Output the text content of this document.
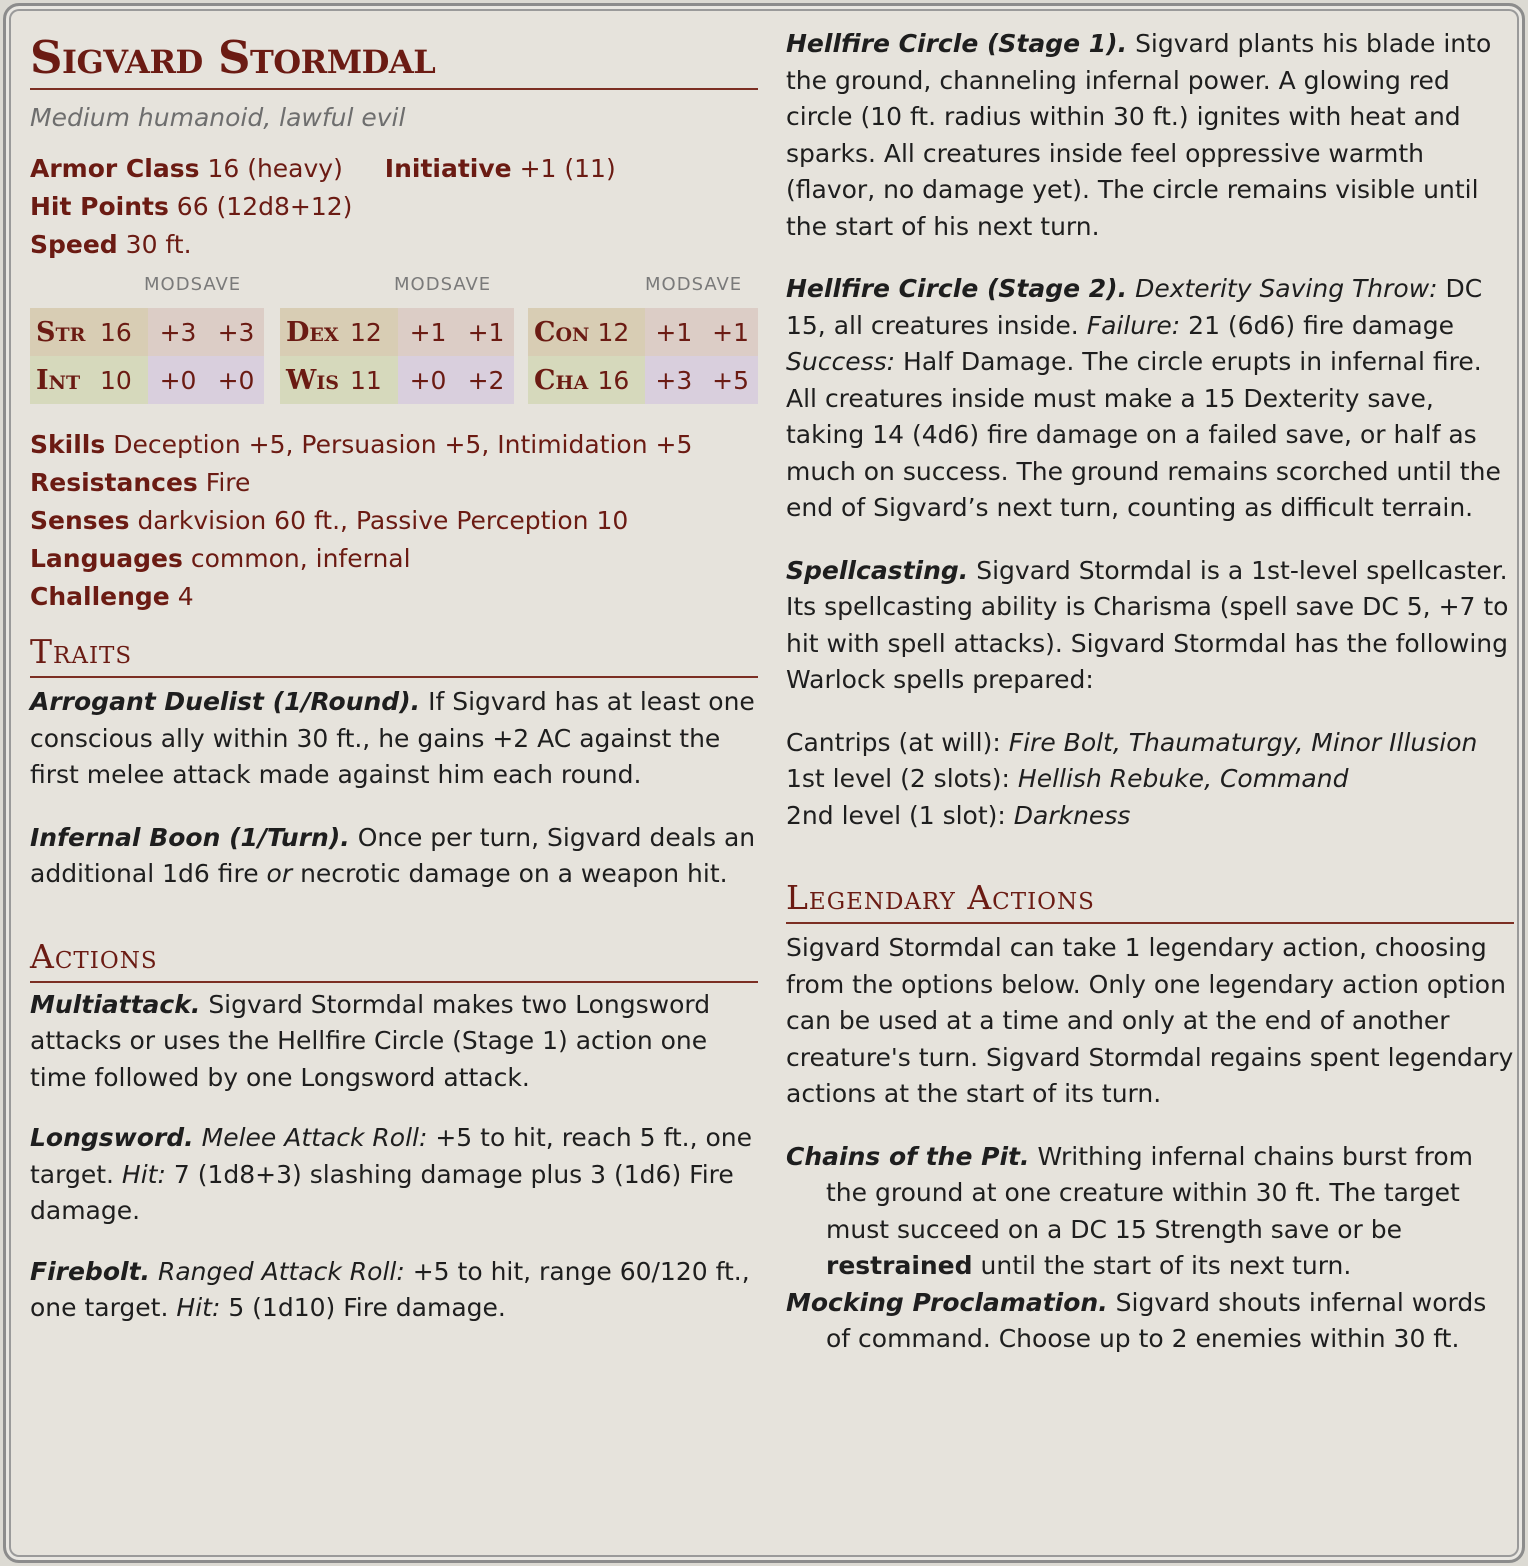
Sigvard Stormdal
Medium humanoid, lawful evil
Armor Class 16 (heavy) Initiative +1 (11)
Hit Points 66 (12d8+12)
Speed 30 ft.
MODSAVE
Str	16	+3	+3
Int	10	+0	+0
MODSAVE
Dex	12	+1	+1
Wis	11	+0	+2
MODSAVE
Con	12	+1	+1
Cha	16	+3	+5
Skills Deception +5, Persuasion +5, Intimidation +5
Resistances Fire
Senses darkvision 60 ft., Passive Perception 10
Languages common, infernal
Challenge 4
Traits

Arrogant Duelist (1/Round). If Sigvard has at least one conscious ally within 30 ft., he gains +2 AC against the first melee attack made against him each round.

Infernal Boon (1/Turn). Once per turn, Sigvard deals an additional 1d6 fire or necrotic damage on a weapon hit.

Actions

Multiattack. Sigvard Stormdal makes two Longsword attacks or uses the Hellfire Circle (Stage 1) action one time followed by one Longsword attack.

Longsword. Melee Attack Roll: +5 to hit, reach 5 ft., one target. Hit: 7 (1d8+3) slashing damage plus 3 (1d6) Fire damage.

Firebolt. Ranged Attack Roll: +5 to hit, range 60/120 ft., one target. Hit: 5 (1d10) Fire damage.

Hellfire Circle (Stage 1). Sigvard plants his blade into the ground, channeling infernal power. A glowing red circle (10 ft. radius within 30 ft.) ignites with heat and sparks. All creatures inside feel oppressive warmth (flavor, no damage yet). The circle remains visible until the start of his next turn.

Hellfire Circle (Stage 2). Dexterity Saving Throw: DC 15, all creatures inside. Failure: 21 (6d6) fire damage Success: Half Damage. The circle erupts in infernal fire. All creatures inside must make a 15 Dexterity save, taking 14 (4d6) fire damage on a failed save, or half as much on success. The ground remains scorched until the end of Sigvard’s next turn, counting as difficult terrain.

Spellcasting. Sigvard Stormdal is a 1st-level spellcaster. Its spellcasting ability is Charisma (spell save DC 5, +7 to hit with spell attacks). Sigvard Stormdal has the following Warlock spells prepared:

Cantrips (at will): Fire Bolt, Thaumaturgy, Minor Illusion

1st level (2 slots): Hellish Rebuke, Command

2nd level (1 slot): Darkness

Legendary Actions

Sigvard Stormdal can take 1 legendary action, choosing from the options below. Only one legendary action option can be used at a time and only at the end of another creature's turn. Sigvard Stormdal regains spent legendary actions at the start of its turn.

Chains of the Pit. Writhing infernal chains burst from the ground at one creature within 30 ft. The target must succeed on a DC 15 Strength save or be restrained until the start of its next turn.

Mocking Proclamation. Sigvard shouts infernal words of command. Choose up to 2 enemies within 30 ft.
